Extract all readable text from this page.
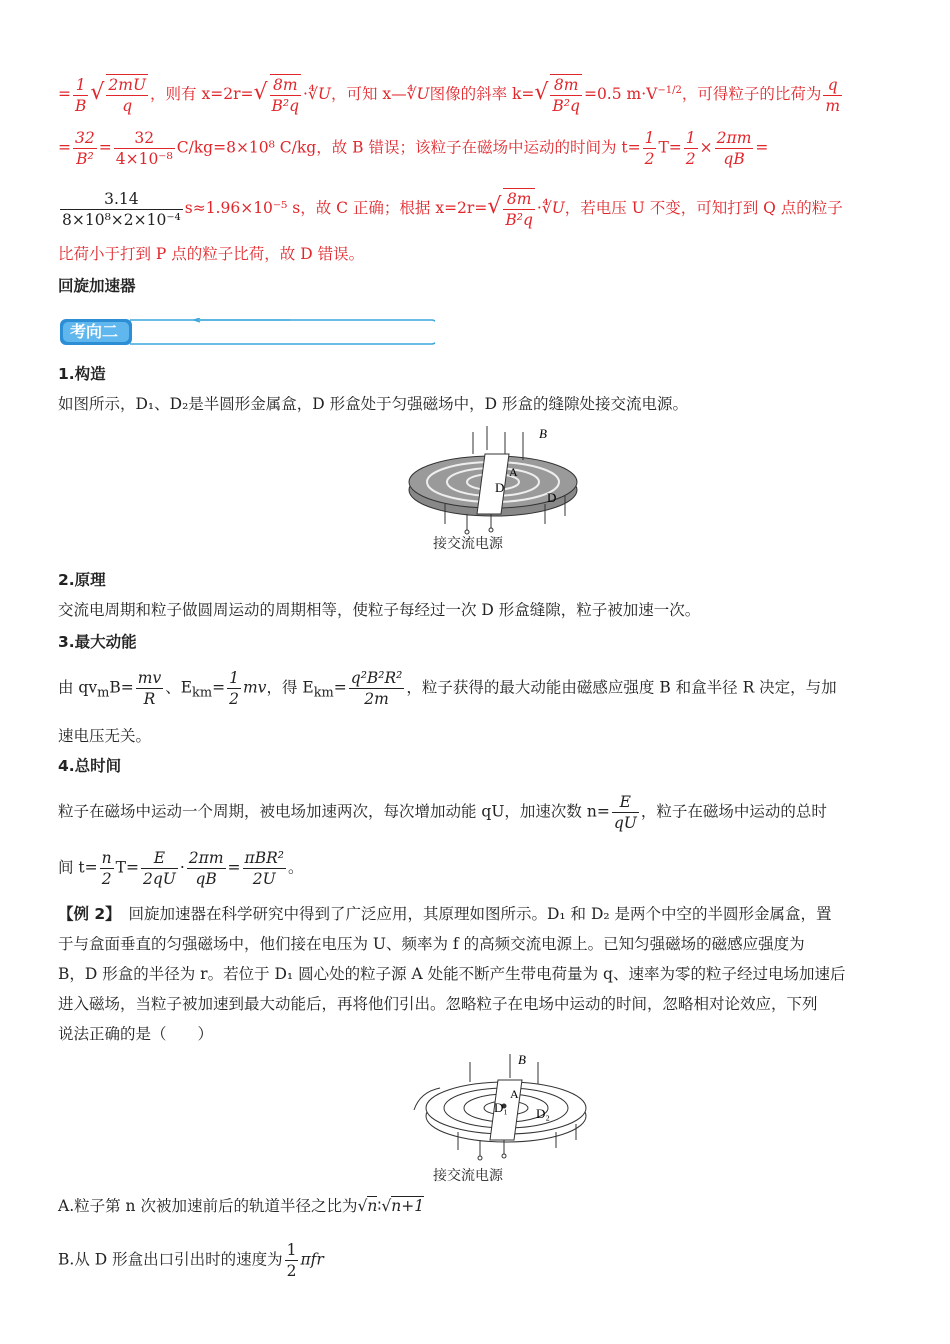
= $\frac{1}{B}$ √ $\frac{2mU}{q}$ ，则有 $x=2r=√ \frac{8m}{\text{B²q}}$ ·∜U，可知 x—∜U图像的斜率 $k=√ \frac{8m}{\text{B²q}} =0.5$ $m\cdot V^{-1/2}$，可得粒子的比荷为 $\frac{q}{m}$
= $\frac{32}{\text{B²}} = \frac{32}{\text{4×10⁻⁸}} C/kg=8\times 10^8$ C/kg，故 B 错误；该粒子在磁场中运动的时间为 $t= \frac{1}{2} T= \frac{1}{2} \times \frac{2\pi m}{qB}$ =
$\frac{3.14}{\text{8×10⁸×2×10⁻⁴}} s\approx 1.96\times 10^{-5}$ s，故 C 正确；根据 $x=2r=√ \frac{8m}{\text{B²q}}$ ·∜U，若电压 U 不变，可知打到 Q 点的粒子
比荷小于打到 P 点的粒子比荷，故 D 错误。
回旋加速器
考向二
1.构造
如图所示，D₁、D₂是半圆形金属盒，D 形盒处于匀强磁场中，D 形盒的缝隙处接交流电源。
B
A
D
D
接交流电源
2.原理
交流电周期和粒子做圆周运动的周期相等，使粒子每经过一次 D 形盒缝隙，粒子被加速一次。
3.最大动能
由 $qv_mB= \frac{mv}{R}$ 、$E_{km}= \frac{1}{2}$ mv，得 $E_{km}= \frac{\text{q²B²R²}}{2m}$ ，粒子获得的最大动能由磁感应强度 B 和盒半径 R 决定，与加
速电压无关。
4.总时间
粒子在磁场中运动一个周期，被电场加速两次，每次增加动能 qU，加速次数 $n= \frac{E}{qU}$ ，粒子在磁场中运动的总时
间 $t= \frac{n}{2} T= \frac{E}{2qU} \cdot \frac{2\pi m}{qB} = \frac{\text{πBR²}}{2U}$ 。
【例 2】　 回旋加速器在科学研究中得到了广泛应用，其原理如图所示。D₁ 和 D₂ 是两个中空的半圆形金属盒，置
于与盒面垂直的匀强磁场中，他们接在电压为 U、频率为 f 的高频交流电源上。已知匀强磁场的磁感应强度为
B，D 形盒的半径为 r。若位于 D₁ 圆心处的粒子源 A 处能不断产生带电荷量为 q、速率为零的粒子经过电场加速后
进入磁场，当粒子被加速到最大动能后，再将他们引出。忽略粒子在电场中运动的时间，忽略相对论效应，下列
说法正确的是（　　）
B
A
D₁ D₂
接交流电源
A.粒子第 n 次被加速前后的轨道半径之比为√n∶√n+1
B.从 D 形盒出口引出时的速度为 $\frac{1}{2}$ πfr
